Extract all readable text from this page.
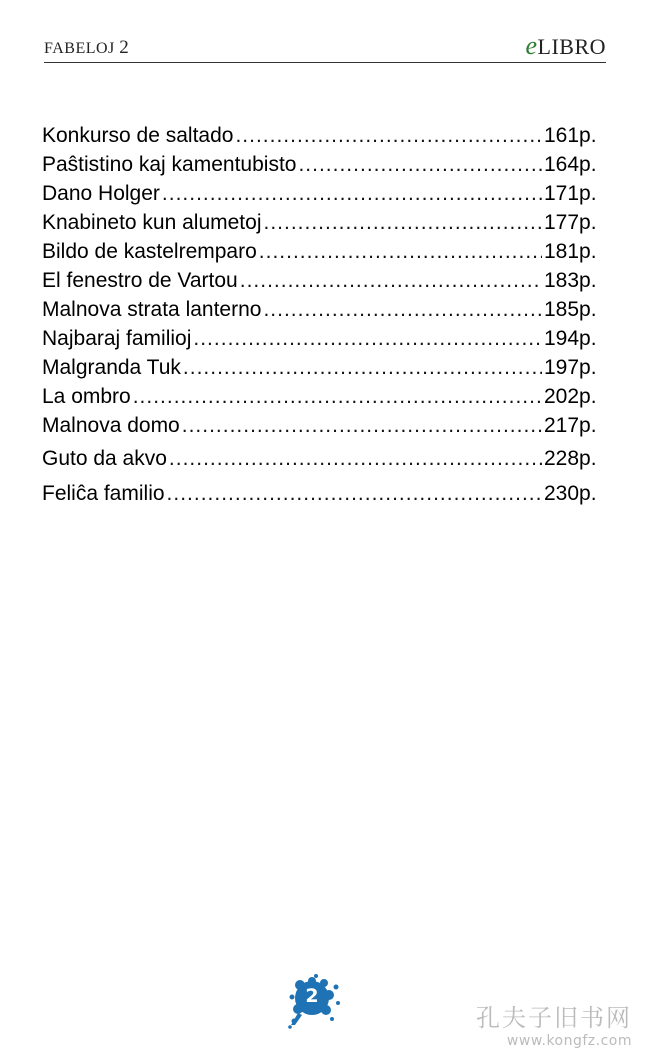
FABELOJ 2	eLIBRO
Konkurso de saltado .....	161p.
Paŝtistino kaj kamentubisto .....	164p.
Dano Holger .....	171p.
Knabineto kun alumetoj .....	177p.
Bildo de kastelremparo .....	181p.
El fenestro de Vartou .....	183p.
Malnova strata lanterno .....	185p.
Najbaraj familioj .....	194p.
Malgranda Tuk .....	197p.
La ombro .....	202p.
Malnova domo .....	217p.
Guto da akvo .....	228p.
Feliĉa familio .....	230p.
2
孔夫子旧书网
www.kongfz.com
